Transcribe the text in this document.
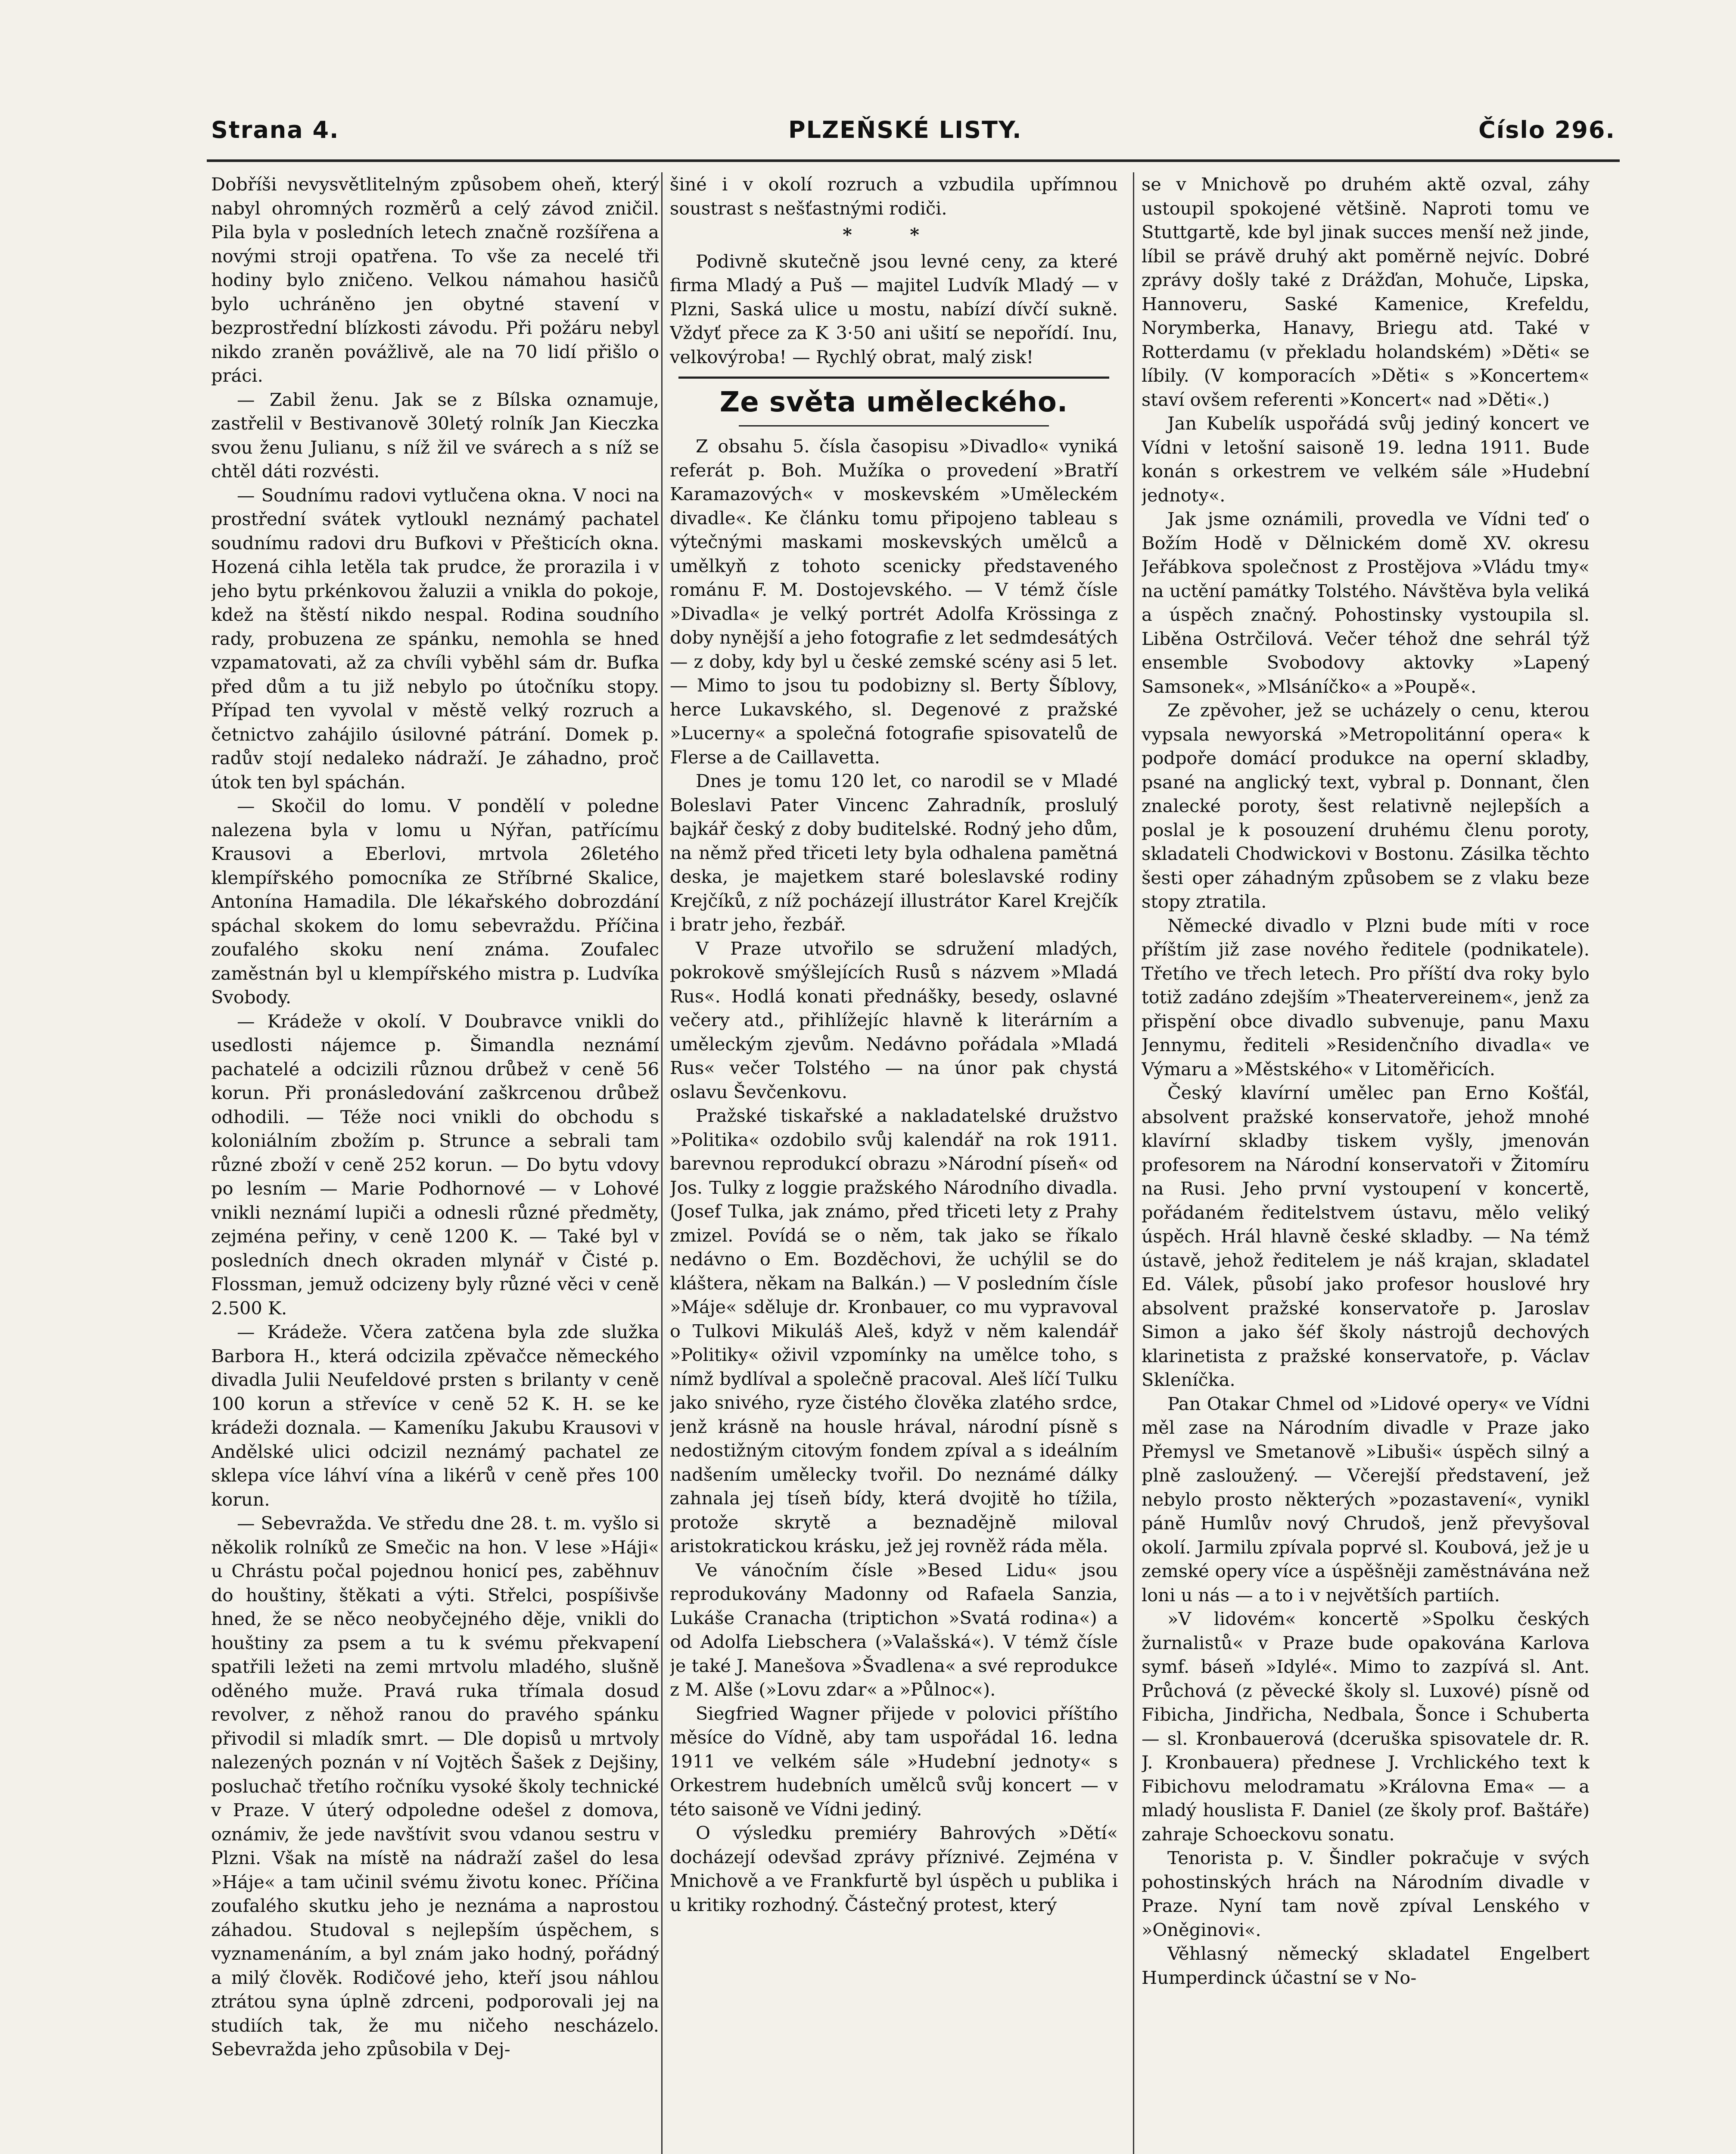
Strana 4.	PLZEŇSKÉ LISTY.	Číslo 296.

Dobříši nevysvětlitelným způsobem oheň, který nabyl ohromných rozměrů a celý závod zničil. Pila byla v posledních letech značně rozšířena a novými stroji opatřena. To vše za necelé tři hodiny bylo zničeno. Velkou námahou hasičů bylo uchráněno jen obytné stavení v bezprostřední blízkosti závodu. Při požáru nebyl nikdo zraněn povážlivě, ale na 70 lidí přišlo o práci.

— Zabil ženu. Jak se z Bílska oznamuje, zastřelil v Bestivanově 30letý rolník Jan Kieczka svou ženu Julianu, s níž žil ve svárech a s níž se chtěl dáti rozvésti.

— Soudnímu radovi vytlučena okna. V noci na prostřední svátek vytloukl neznámý pachatel soudnímu radovi dru Bufkovi v Přešticích okna. Hozená cihla letěla tak prudce, že prorazila i v jeho bytu prkénkovou žaluzii a vnikla do pokoje, kdež na štěstí nikdo nespal. Rodina soudního rady, probuzena ze spánku, nemohla se hned vzpamatovati, až za chvíli vyběhl sám dr. Bufka před dům a tu již nebylo po útočníku stopy. Případ ten vyvolal v městě velký rozruch a četnictvo zahájilo úsilovné pátrání. Domek p. radův stojí nedaleko nádraží. Je záhadno, proč útok ten byl spáchán.

— Skočil do lomu. V pondělí v poledne nalezena byla v lomu u Nýřan, patřícímu Krausovi a Eberlovi, mrtvola 26letého klempířského pomocníka ze Stříbrné Skalice, Antonína Hamadila. Dle lékařského dobrozdání spáchal skokem do lomu sebevraždu. Příčina zoufalého skoku není známa. Zoufalec zaměstnán byl u klempířského mistra p. Ludvíka Svobody.

— Krádeže v okolí. V Doubravce vnikli do usedlosti nájemce p. Šimandla neznámí pachatelé a odcizili různou drůbež v ceně 56 korun. Při pronásledování zaškrcenou drůbež odhodili. — Téže noci vnikli do obchodu s koloniálním zbožím p. Struncе a sebrali tam různé zboží v ceně 252 korun. — Do bytu vdovy po lesním — Marie Podhornové — v Lohové vnikli neznámí lupiči a odnesli různé předměty, zejména peřiny, v ceně 1200 K. — Také byl v posledních dnech okraden mlynář v Čisté p. Flossman, jemuž odcizeny byly různé věci v ceně 2.500 K.

— Krádeže. Včera zatčena byla zde služka Barbora H., která odcizila zpěvačce německého divadla Julii Neufeldové prsten s brilanty v ceně 100 korun a střevíce v ceně 52 K. H. se ke krádeži doznala. — Kameníku Jakubu Krausovi v Andělské ulici odcizil neznámý pachatel ze sklepa více láhví vína a likérů v ceně přes 100 korun.

— Sebevražda. Ve středu dne 28. t. m. vyšlo si několik rolníků ze Smečic na hon. V lese »Háji« u Chrástu počal pojednou honicí pes, zaběhnuv do houštiny, štěkati a výti. Střelci, pospíšivše hned, že se něco neobyčejného děje, vnikli do houštiny za psem a tu k svému překvapení spatřili ležeti na zemi mrtvolu mladého, slušně oděného muže. Pravá ruka třímala dosud revolver, z něhož ranou do pravého spánku přivodil si mladík smrt. — Dle dopisů u mrtvoly nalezených poznán v ní Vojtěch Šašek z Dejšiny, posluchač třetího ročníku vysoké školy technické v Praze. V úterý odpoledne odešel z domova, oznámiv, že jede navštívit svou vdanou sestru v Plzni. Však na místě na nádraží zašel do lesa »Háje« a tam učinil svému životu konec. Příčina zoufalého skutku jeho je neznáma a naprostou záhadou. Studoval s nejlepším úspěchem, s vyznamenáním, a byl znám jako hodný, pořádný a milý člověk. Rodičové jeho, kteří jsou náhlou ztrátou syna úplně zdrceni, podporovali jej na studiích tak, že mu ničeho nescházelo. Sebevražda jeho způsobila v Dej-

šiné i v okolí rozruch a vzbudila upřímnou soustrast s nešťastnými rodiči.

* *

Podivně skutečně jsou levné ceny, za které firma Mladý a Puš — majitel Ludvík Mladý — v Plzni, Saská ulice u mostu, nabízí dívčí sukně. Vždyť přece za K 3·50 ani ušití se nepořídí. Inu, velkovýroba! — Rychlý obrat, malý zisk!

Ze světa uměleckého.

Z obsahu 5. čísla časopisu »Divadlo« vyniká referát p. Boh. Mužíka o provedení »Bratří Karamazových« v moskevském »Uměleckém divadle«. Ke článku tomu připojeno tableau s výtečnými maskami moskevských umělců a umělkyň z tohoto scenicky představeného románu F. M. Dostojevského. — V témž čísle »Divadla« je velký portrét Adolfa Krössinga z doby nynější a jeho fotografie z let sedmdesátých — z doby, kdy byl u české zemské scény asi 5 let. — Mimo to jsou tu podobizny sl. Berty Šíblovy, herce Lukavského, sl. Degenové z pražské »Lucerny« a společná fotografie spisovatelů de Flerse a de Caillavetta.

Dnes je tomu 120 let, co narodil se v Mladé Boleslavi Pater Vincenc Zahradník, proslulý bajkář český z doby buditelské. Rodný jeho dům, na němž před třiceti lety byla odhalena pamětná deska, je majetkem staré boleslavské rodiny Krejčíků, z níž pocházejí illustrátor Karel Krejčík i bratr jeho, řezbář.

V Praze utvořilo se sdružení mladých, pokrokově smýšlejících Rusů s názvem »Mladá Rus«. Hodlá konati přednášky, besedy, oslavné večery atd., přihlížejíc hlavně k literárním a uměleckým zjevům. Nedávno pořádala »Mladá Rus« večer Tolstého — na únor pak chystá oslavu Ševčenkovu.

Pražské tiskařské a nakladatelské družstvo »Politika« ozdobilo svůj kalendář na rok 1911. barevnou reprodukcí obrazu »Národní píseň« od Jos. Tulky z loggie pražského Národního divadla. (Josef Tulka, jak známo, před třiceti lety z Prahy zmizel. Povídá se o něm, tak jako se říkalo nedávno o Em. Bozděchovi, že uchýlil se do kláštera, někam na Balkán.) — V posledním čísle »Máje« sděluje dr. Kronbauer, co mu vypravoval o Tulkovi Mikuláš Aleš, když v něm kalendář »Politiky« oživil vzpomínky na umělce toho, s nímž bydlíval a společně pracoval. Aleš líčí Tulku jako snivého, ryze čistého člověka zlatého srdce, jenž krásně na housle hrával, národní písně s nedostižným citovým fondem zpíval a s ideálním nadšením umělecky tvořil. Do neznámé dálky zahnala jej tíseň bídy, která dvojitě ho tížila, protože skrytě a beznadějně miloval aristokratickou krásku, jež jej rovněž ráda měla.

Ve vánočním čísle »Besed Lidu« jsou reprodukovány Madonny od Rafaela Sanzia, Lukáše Cranacha (triptichon »Svatá rodina«) a od Adolfa Liebschera (»Valašská«). V témž čísle je také J. Manešova »Švadlena« a své reprodukce z M. Alše (»Lovu zdar« a »Půlnoc«).

Siegfried Wagner přijede v polovici příštího měsíce do Vídně, aby tam uspořádal 16. ledna 1911 ve velkém sále »Hudební jednoty« s Orkestrem hudebních umělců svůj koncert — v této saisoně ve Vídni jediný.

O výsledku premiéry Bahrových »Dětí« docházejí odevšad zprávy příznivé. Zejména v Mnichově a ve Frankfurtě byl úspěch u publika i u kritiky rozhodný. Částečný protest, který

se v Mnichově po druhém aktě ozval, záhy ustoupil spokojené většině. Naproti tomu ve Stuttgartě, kde byl jinak succes menší než jinde, líbil se právě druhý akt poměrně nejvíc. Dobré zprávy došly také z Drážďan, Mohuče, Lipska, Hannoveru, Saské Kamenice, Krefeldu, Norymberka, Hanavy, Briegu atd. Také v Rotterdamu (v překladu holandském) »Děti« se líbily. (V komporacích »Děti« s »Koncertem« staví ovšem referenti »Koncert« nad »Děti«.)

Jan Kubelík uspořádá svůj jediný koncert ve Vídni v letošní saisoně 19. ledna 1911. Bude konán s orkestrem ve velkém sále »Hudební jednoty«.

Jak jsme oznámili, provedla ve Vídni teď o Božím Hodě v Dělnickém domě XV. okresu Jeřábkova společnost z Prostějova »Vládu tmy« na uctění památky Tolstého. Návštěva byla veliká a úspěch značný. Pohostinsky vystoupila sl. Liběna Ostrčilová. Večer téhož dne sehrál týž ensemble Svobodovy aktovky »Lapený Samsonek«, »Mlsáníčko« a »Poupě«.

Ze zpěvoher, jež se ucházely o cenu, kterou vypsala newyorská »Metropolitánní opera« k podpoře domácí produkce na operní skladby, psané na anglický text, vybral p. Donnant, člen znalecké poroty, šest relativně nejlepších a poslal je k posouzení druhému členu poroty, skladateli Chodwickovi v Bostonu. Zásilka těchto šesti oper záhadným způsobem se z vlaku beze stopy ztratila.

Německé divadlo v Plzni bude míti v roce příštím již zase nového ředitele (podnikatele). Třetího ve třech letech. Pro příští dva roky bylo totiž zadáno zdejším »Theatervereinem«, jenž za přispění obce divadlo subvenuje, panu Maxu Jennymu, řediteli »Residenčního divadla« ve Výmaru a »Městského« v Litoměřicích.

Český klavírní umělec pan Erno Košťál, absolvent pražské konservatoře, jehož mnohé klavírní skladby tiskem vyšly, jmenován profesorem na Národní konservatoři v Žitomíru na Rusi. Jeho první vystoupení v koncertě, pořádaném ředitelstvem ústavu, mělo veliký úspěch. Hrál hlavně české skladby. — Na témž ústavě, jehož ředitelem je náš krajan, skladatel Ed. Válek, působí jako profesor houslové hry absolvent pražské konservatoře p. Jaroslav Simon a jako šéf školy nástrojů dechových klarinetista z pražské konservatoře, p. Václav Skleníčka.

Pan Otakar Chmel od »Lidové opery« ve Vídni měl zase na Národním divadle v Praze jako Přemysl ve Smetanově »Libuši« úspěch silný a plně zasloužený. — Včerejší představení, jež nebylo prosto některých »pozastavení«, vynikl páně Humlův nový Chrudoš, jenž převyšoval okolí. Jarmilu zpívala poprvé sl. Koubová, jež je u zemské opery více a úspěšněji zaměstnávána než loni u nás — a to i v největších partiích.

»V lidovém« koncertě »Spolku českých žurnalistů« v Praze bude opakována Karlova symf. báseň »Idylé«. Mimo to zazpívá sl. Ant. Průchová (z pěvecké školy sl. Luxové) písně od Fibicha, Jindřicha, Nedbala, Šonce i Schuberta — sl. Kronbauerová (dceruška spisovatele dr. R. J. Kronbauera) přednese J. Vrchlického text k Fibichovu melodramatu »Královna Ema« — a mladý houslista F. Daniel (ze školy prof. Baštáře) zahraje Schoeckovu sonatu.

Tenorista p. V. Šindler pokračuje v svých pohostinských hrách na Národním divadle v Praze. Nyní tam nově zpíval Lenského v »Oněginovi«.

Věhlasný německý skladatel Engelbert Humperdinck účastní se v No-
